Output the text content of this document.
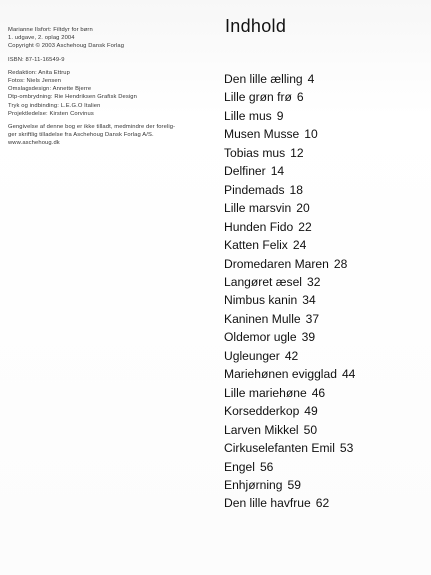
Marianne Ilsfort: Filtdyr for børn
1. udgave, 2. oplag 2004
Copyright © 2003 Aschehoug Dansk Forlag
ISBN: 87-11-16549-9
Redaktion: Anita Ettrup
Fotos: Niels Jensen
Omslagsdesign: Annette Bjerre
Dtp-ombrydning: Rie Hendriksen Grafisk Design
Tryk og indbinding: L.E.G.O Italien
Projektledelse: Kirsten Corvinus
Gengivelse af denne bog er ikke tilladt, medmindre der forelig-
ger skriftlig tilladelse fra Aschehoug Dansk Forlag A/S.
www.aschehoug.dk
Indhold
Den lille ælling 4
Lille grøn frø 6
Lille mus 9
Musen Musse 10
Tobias mus 12
Delfiner 14
Pindemads 18
Lille marsvin 20
Hunden Fido 22
Katten Felix 24
Dromedaren Maren 28
Langøret æsel 32
Nimbus kanin 34
Kaninen Mulle 37
Oldemor ugle 39
Ugleunger 42
Mariehønen evigglad 44
Lille mariehøne 46
Korsedderkop 49
Larven Mikkel 50
Cirkuselefanten Emil 53
Engel 56
Enhjørning 59
Den lille havfrue 62
